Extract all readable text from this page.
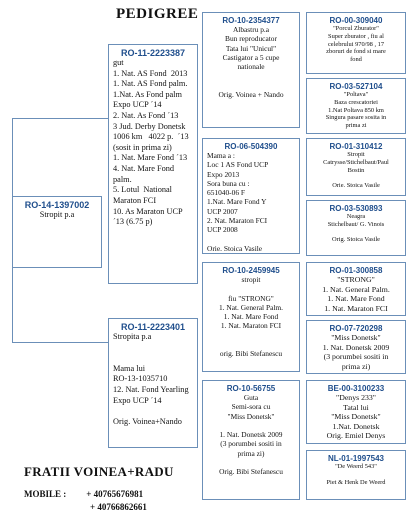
PEDIGREE
RO-14-1397002
Stropit p.a
RO-11-2223387
gut
1. Nat. AS Fond  2013
1. Nat. AS Fond palm.
1.Nat. As Fond palm
Expo UCP ´14
2. Nat. As Fond ´13
3 Jud. Derby Donetsk
1006 km   4022 p.  ´13
(sosit in prima zi)
1. Nat. Mare Fond ´13
4. Nat. Mare Fond
palm.
5. Lotul  National
Maraton FCI
10. As Maraton UCP
´13 (6.75 p)
RO-11-2223401
Stropita p.a

Mama lui
RO-13-1035710
12. Nat. Fond Yearling
Expo UCP ´14

Orig. Voinea+Nando
RO-10-2354377
Albastru p.a
Bun reproducator
Tata lui "Unicul"
Castigator a 5 cupe
nationale

Orig. Voinea + Nando
RO-06-504390
Mama a :
Loc 1 AS Fond UCP
Expo 2013
Sora buna cu :
651040-06 F
1.Nat. Mare Fond Y
UCP 2007
2. Nat. Maraton FCI
UCP 2008

Orie. Stoica Vasile
RO-10-2459945
stropit

fiu "STRONG"
1. Nat. General Palm.
1. Nat. Mare Fond
1. Nat. Maraton FCI

orig. Bibi Stefanescu
RO-10-56755
Guta
Semi-sora cu
"Miss Donetsk"

1. Nat. Donetsk 2009
(3 porumbei sositi in
prima zi)

Orig. Bibi Stefanescu
RO-00-309040
"Porcul Zburator"
Super zburator , fiu al
celebrului 970/98 , 17
zboruri de fond si mare
fond
RO-03-527104
"Poltava"
Baza crescatoriei
1.Nat Poltava 850 km
Singura pasare sosita in
prima zi
RO-01-310412
Stropit
Catrysse/Stichelbaut/Paul
Bostin

Orie. Stoica Vasile
RO-03-530893
Neagra
Stichelbaut/ G. Vinois

Orig. Stoica Vasile
RO-01-300858
"STRONG"
1. Nat. General Palm.
1. Nat. Mare Fond
1. Nat. Maraton FCI
RO-07-720298
"Miss Donetsk"
1. Nat. Donetsk 2009
(3 porumbei sositi in
prima zi)
BE-00-3100233
"Denys 233"
Tatal lui
"Miss Donetsk"
1.Nat. Donetsk
Orig. Emiel Denys
NL-01-1997543
"De Weerd 543"

Piet & Henk De Weerd
FRATII VOINEA+RADU
MOBILE : + 40765676981
+ 40766862661
